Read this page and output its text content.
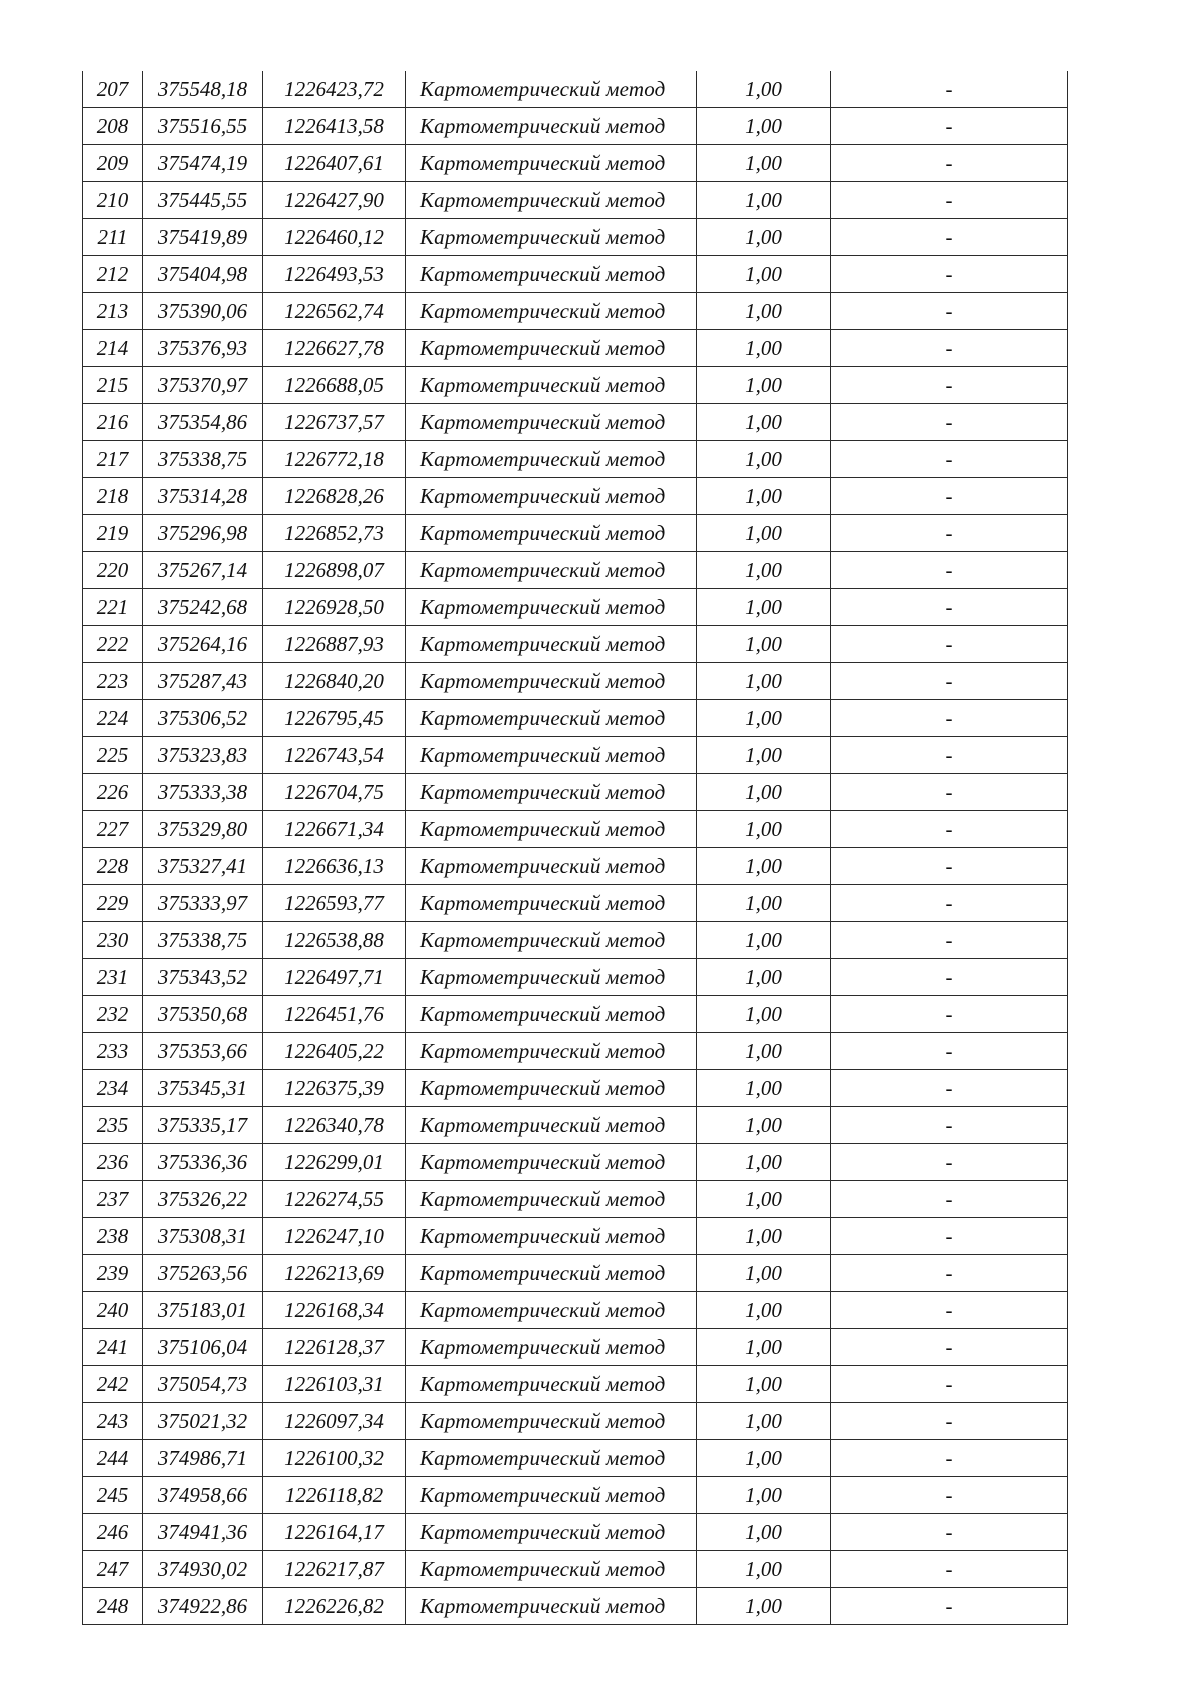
207	375548,18	1226423,72	Картометрический метод	1,00	-
208	375516,55	1226413,58	Картометрический метод	1,00	-
209	375474,19	1226407,61	Картометрический метод	1,00	-
210	375445,55	1226427,90	Картометрический метод	1,00	-
211	375419,89	1226460,12	Картометрический метод	1,00	-
212	375404,98	1226493,53	Картометрический метод	1,00	-
213	375390,06	1226562,74	Картометрический метод	1,00	-
214	375376,93	1226627,78	Картометрический метод	1,00	-
215	375370,97	1226688,05	Картометрический метод	1,00	-
216	375354,86	1226737,57	Картометрический метод	1,00	-
217	375338,75	1226772,18	Картометрический метод	1,00	-
218	375314,28	1226828,26	Картометрический метод	1,00	-
219	375296,98	1226852,73	Картометрический метод	1,00	-
220	375267,14	1226898,07	Картометрический метод	1,00	-
221	375242,68	1226928,50	Картометрический метод	1,00	-
222	375264,16	1226887,93	Картометрический метод	1,00	-
223	375287,43	1226840,20	Картометрический метод	1,00	-
224	375306,52	1226795,45	Картометрический метод	1,00	-
225	375323,83	1226743,54	Картометрический метод	1,00	-
226	375333,38	1226704,75	Картометрический метод	1,00	-
227	375329,80	1226671,34	Картометрический метод	1,00	-
228	375327,41	1226636,13	Картометрический метод	1,00	-
229	375333,97	1226593,77	Картометрический метод	1,00	-
230	375338,75	1226538,88	Картометрический метод	1,00	-
231	375343,52	1226497,71	Картометрический метод	1,00	-
232	375350,68	1226451,76	Картометрический метод	1,00	-
233	375353,66	1226405,22	Картометрический метод	1,00	-
234	375345,31	1226375,39	Картометрический метод	1,00	-
235	375335,17	1226340,78	Картометрический метод	1,00	-
236	375336,36	1226299,01	Картометрический метод	1,00	-
237	375326,22	1226274,55	Картометрический метод	1,00	-
238	375308,31	1226247,10	Картометрический метод	1,00	-
239	375263,56	1226213,69	Картометрический метод	1,00	-
240	375183,01	1226168,34	Картометрический метод	1,00	-
241	375106,04	1226128,37	Картометрический метод	1,00	-
242	375054,73	1226103,31	Картометрический метод	1,00	-
243	375021,32	1226097,34	Картометрический метод	1,00	-
244	374986,71	1226100,32	Картометрический метод	1,00	-
245	374958,66	1226118,82	Картометрический метод	1,00	-
246	374941,36	1226164,17	Картометрический метод	1,00	-
247	374930,02	1226217,87	Картометрический метод	1,00	-
248	374922,86	1226226,82	Картометрический метод	1,00	-
